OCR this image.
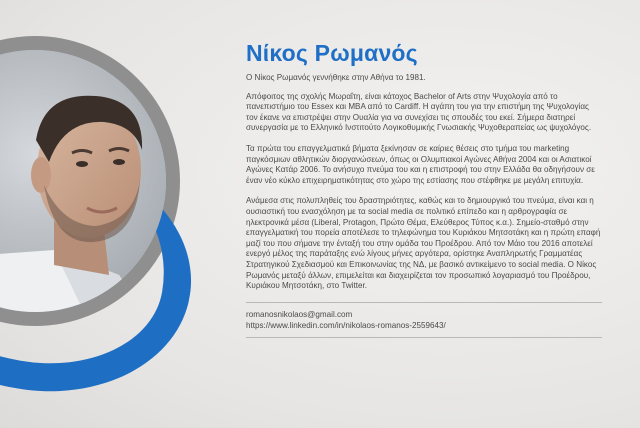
Νίκος Ρωμανός

Ο Νίκος Ρωμανός γεννήθηκε στην Αθήνα το 1981.

Απόφοιτος της σχολής Μωραΐτη, είναι κάτοχος Bachelor of Arts στην Ψυχολογία από το πανεπιστήμιο του Essex και MBA από το Cardiff. Η αγάπη του για την επιστήμη της Ψυχολογίας τον έκανε να επιστρέψει στην Ουαλία για να συνεχίσει τις σπουδές του εκεί. Σήμερα διατηρεί συνεργασία με το Ελληνικό Ινστιτούτο Λογικοθυμικής Γνωσιακής Ψυχοθεραπείας ως ψυχολόγος.

Τα πρώτα του επαγγελματικά βήματα ξεκίνησαν σε καίριες θέσεις στο τμήμα του marketing παγκόσμιων αθλητικών διοργανώσεων, όπως οι Ολυμπιακοί Αγώνες Αθήνα 2004 και οι Ασιατικοί Αγώνες Κατάρ 2006. Το ανήσυχο πνεύμα του και η επιστροφή του στην Ελλάδα θα οδηγήσουν σε έναν νέο κύκλο επιχειρηματικότητας στο χώρο της εστίασης που στέφθηκε με μεγάλη επιτυχία.

Ανάμεσα στις πολυπληθείς του δραστηριότητες, καθώς και το δημιουργικό του πνεύμα, είναι και η ουσιαστική του ενασχόληση με τα social media σε πολιτικό επίπεδο και η αρθρογραφία σε ηλεκτρονικά μέσα (Liberal, Protagon, Πρώτο Θέμα, Ελεύθερος Τύπος κ.α.). Σημείο-σταθμό στην επαγγελματική του πορεία αποτέλεσε το τηλεφώνημα του Κυριάκου Μητσοτάκη και η πρώτη επαφή μαζί του που σήμανε την ένταξή του στην ομάδα του Προέδρου. Από τον Μάιο του 2016 αποτελεί ενεργό μέλος της παράταξης ενώ λίγους μήνες αργότερα, ορίστηκε Αναπληρωτής Γραμματέας Στρατηγικού Σχεδιασμού και Επικοινωνίας της ΝΔ, με βασικό αντικείμενο το social media. Ο Νίκος Ρωμανός μεταξύ άλλων, επιμελείται και διαχειρίζεται τον προσωπικό λογαριασμό του Προέδρου, Κυριάκου Μητσοτάκη, στο Twitter.

romanosnikolaos@gmail.com
https://www.linkedin.com/in/nikolaos-romanos-2559643/
